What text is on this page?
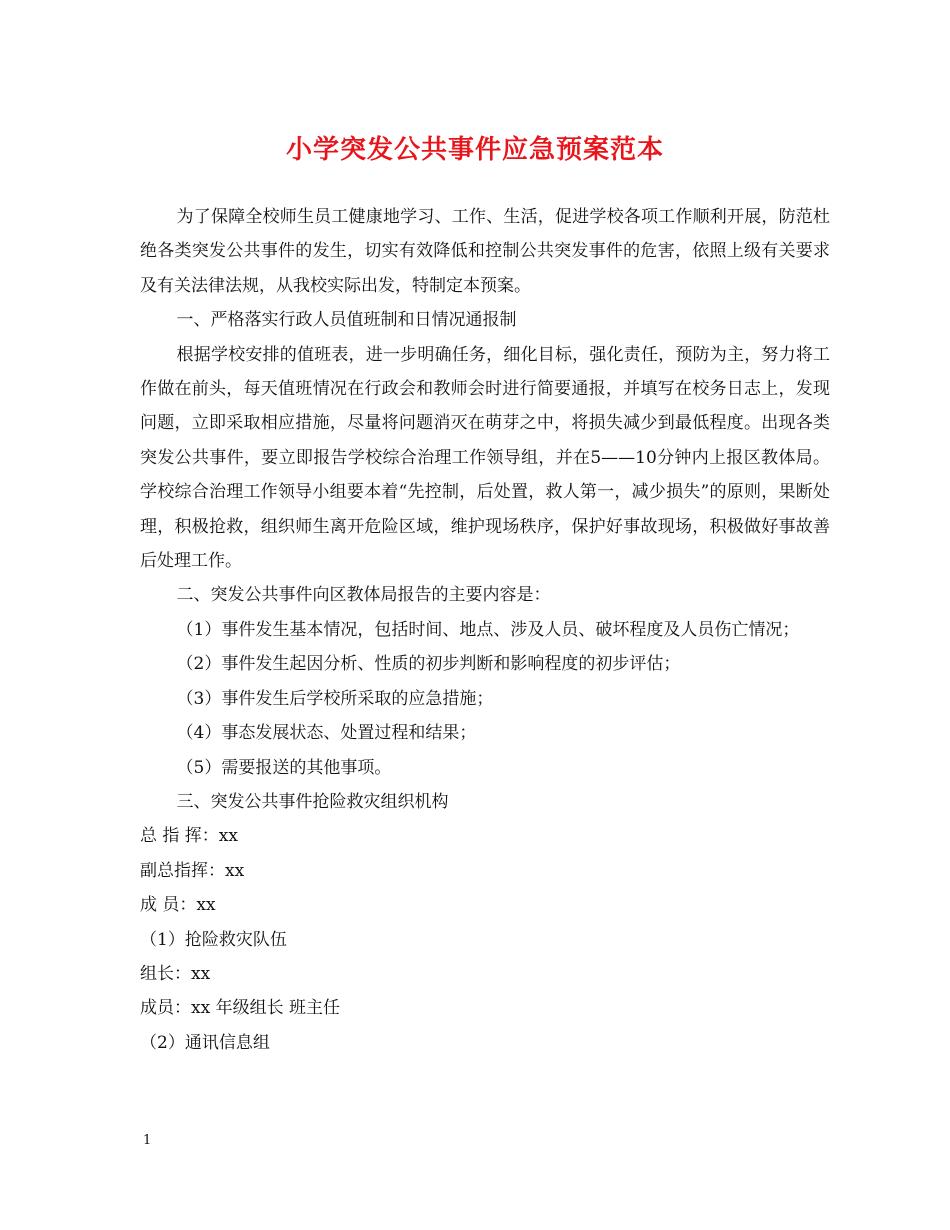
小学突发公共事件应急预案范本

为了保障全校师生员工健康地学习、工作、生活，促进学校各项工作顺利开展，防范杜绝各类突发公共事件的发生，切实有效降低和控制公共突发事件的危害，依照上级有关要求及有关法律法规，从我校实际出发，特制定本预案。

一、严格落实行政人员值班制和日情况通报制

根据学校安排的值班表，进一步明确任务，细化目标，强化责任，预防为主，努力将工作做在前头，每天值班情况在行政会和教师会时进行简要通报，并填写在校务日志上，发现问题，立即采取相应措施，尽量将问题消灭在萌芽之中，将损失减少到最低程度。出现各类突发公共事件，要立即报告学校综合治理工作领导组，并在5——10分钟内上报区教体局。学校综合治理工作领导小组要本着“先控制，后处置，救人第一，减少损失”的原则，果断处理，积极抢救，组织师生离开危险区域，维护现场秩序，保护好事故现场，积极做好事故善后处理工作。

二、突发公共事件向区教体局报告的主要内容是：

（1）事件发生基本情况，包括时间、地点、涉及人员、破坏程度及人员伤亡情况；

（2）事件发生起因分析、性质的初步判断和影响程度的初步评估；

（3）事件发生后学校所采取的应急措施；

（4）事态发展状态、处置过程和结果；

（5）需要报送的其他事项。

三、突发公共事件抢险救灾组织机构

总 指 挥：xx

副总指挥：xx

成 员：xx

（1）抢险救灾队伍

组长：xx

成员：xx 年级组长 班主任

（2）通讯信息组

1
